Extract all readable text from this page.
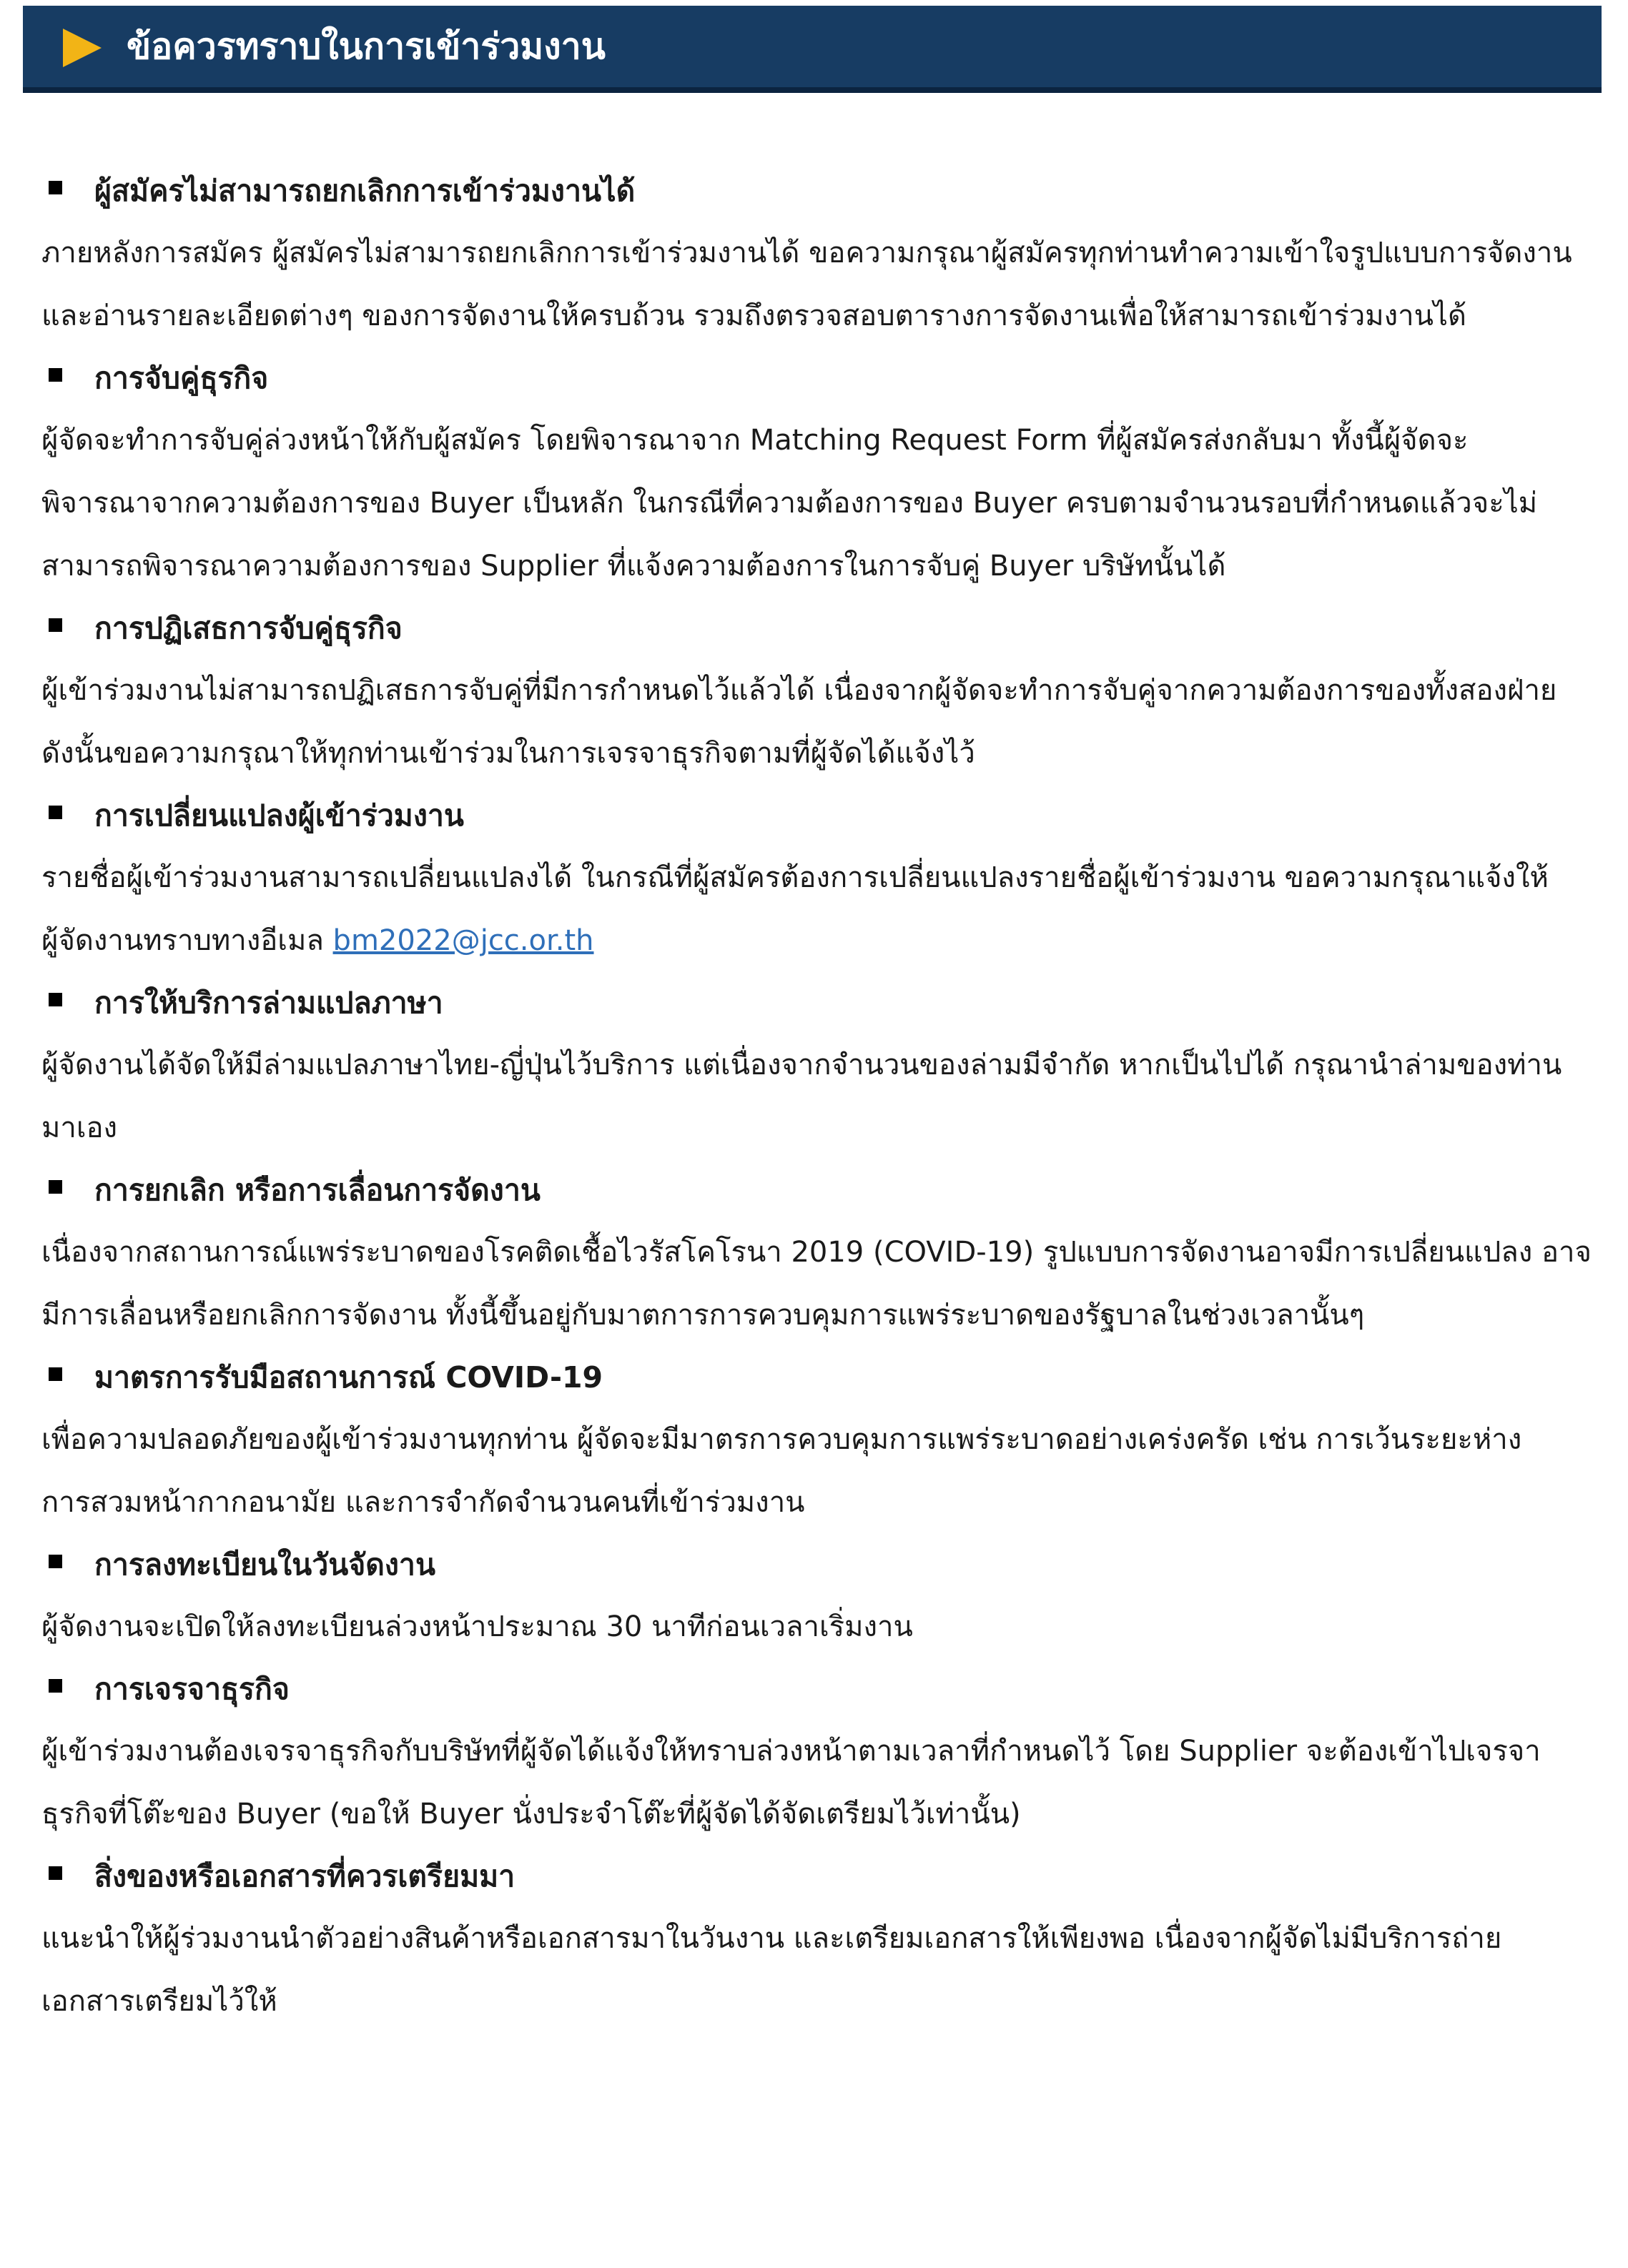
ข้อควรทราบในการเข้าร่วมงาน
ผู้สมัครไม่สามารถยกเลิกการเข้าร่วมงานได้

ภายหลังการสมัคร ผู้สมัครไม่สามารถยกเลิกการเข้าร่วมงานได้ ขอความกรุณาผู้สมัครทุกท่านทำความเข้าใจรูปแบบการจัดงาน

และอ่านรายละเอียดต่างๆ ของการจัดงานให้ครบถ้วน รวมถึงตรวจสอบตารางการจัดงานเพื่อให้สามารถเข้าร่วมงานได้

การจับคู่ธุรกิจ

ผู้จัดจะทำการจับคู่ล่วงหน้าให้กับผู้สมัคร โดยพิจารณาจาก Matching Request Form ที่ผู้สมัครส่งกลับมา ทั้งนี้ผู้จัดจะ

พิจารณาจากความต้องการของ Buyer เป็นหลัก ในกรณีที่ความต้องการของ Buyer ครบตามจำนวนรอบที่กำหนดแล้วจะไม่

สามารถพิจารณาความต้องการของ Supplier ที่แจ้งความต้องการในการจับคู่ Buyer บริษัทนั้นได้

การปฏิเสธการจับคู่ธุรกิจ

ผู้เข้าร่วมงานไม่สามารถปฏิเสธการจับคู่ที่มีการกำหนดไว้แล้วได้ เนื่องจากผู้จัดจะทำการจับคู่จากความต้องการของทั้งสองฝ่าย

ดังนั้นขอความกรุณาให้ทุกท่านเข้าร่วมในการเจรจาธุรกิจตามที่ผู้จัดได้แจ้งไว้

การเปลี่ยนแปลงผู้เข้าร่วมงาน

รายชื่อผู้เข้าร่วมงานสามารถเปลี่ยนแปลงได้ ในกรณีที่ผู้สมัครต้องการเปลี่ยนแปลงรายชื่อผู้เข้าร่วมงาน ขอความกรุณาแจ้งให้

ผู้จัดงานทราบทางอีเมล bm2022@jcc.or.th

การให้บริการล่ามแปลภาษา

ผู้จัดงานได้จัดให้มีล่ามแปลภาษาไทย-ญี่ปุ่นไว้บริการ แต่เนื่องจากจำนวนของล่ามมีจำกัด หากเป็นไปได้ กรุณานำล่ามของท่าน

มาเอง

การยกเลิก หรือการเลื่อนการจัดงาน

เนื่องจากสถานการณ์แพร่ระบาดของโรคติดเชื้อไวรัสโคโรนา 2019 (COVID-19) รูปแบบการจัดงานอาจมีการเปลี่ยนแปลง อาจ

มีการเลื่อนหรือยกเลิกการจัดงาน ทั้งนี้ขึ้นอยู่กับมาตการการควบคุมการแพร่ระบาดของรัฐบาลในช่วงเวลานั้นๆ

มาตรการรับมือสถานการณ์ COVID-19

เพื่อความปลอดภัยของผู้เข้าร่วมงานทุกท่าน ผู้จัดจะมีมาตรการควบคุมการแพร่ระบาดอย่างเคร่งครัด เช่น การเว้นระยะห่าง

การสวมหน้ากากอนามัย และการจำกัดจำนวนคนที่เข้าร่วมงาน

การลงทะเบียนในวันจัดงาน

ผู้จัดงานจะเปิดให้ลงทะเบียนล่วงหน้าประมาณ 30 นาทีก่อนเวลาเริ่มงาน

การเจรจาธุรกิจ

ผู้เข้าร่วมงานต้องเจรจาธุรกิจกับบริษัทที่ผู้จัดได้แจ้งให้ทราบล่วงหน้าตามเวลาที่กำหนดไว้ โดย Supplier จะต้องเข้าไปเจรจา

ธุรกิจที่โต๊ะของ Buyer (ขอให้ Buyer นั่งประจำโต๊ะที่ผู้จัดได้จัดเตรียมไว้เท่านั้น)

สิ่งของหรือเอกสารที่ควรเตรียมมา

แนะนำให้ผู้ร่วมงานนำตัวอย่างสินค้าหรือเอกสารมาในวันงาน และเตรียมเอกสารให้เพียงพอ เนื่องจากผู้จัดไม่มีบริการถ่าย

เอกสารเตรียมไว้ให้
